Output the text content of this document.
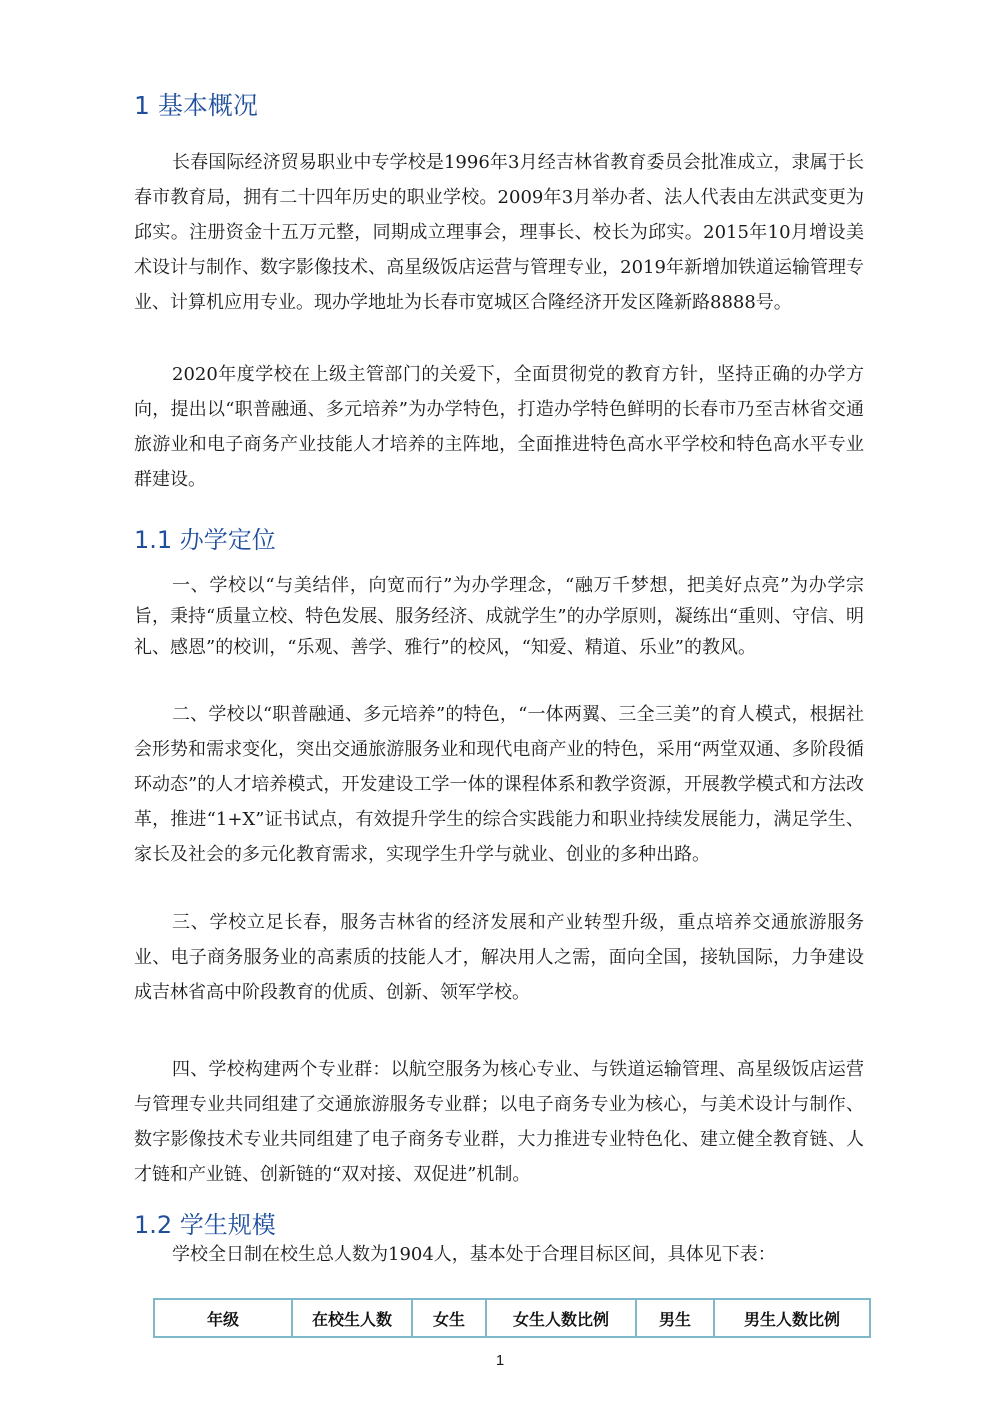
1 基本概况

长春国际经济贸易职业中专学校是1996年3月经吉林省教育委员会批准成立，隶属于长春市教育局，拥有二十四年历史的职业学校。2009年3月举办者、法人代表由左洪武变更为邱实。注册资金十五万元整，同期成立理事会，理事长、校长为邱实。2015年10月增设美术设计与制作、数字影像技术、高星级饭店运营与管理专业，2019年新增加铁道运输管理专业、计算机应用专业。现办学地址为长春市宽城区合隆经济开发区隆新路8888号。

2020年度学校在上级主管部门的关爱下，全面贯彻党的教育方针，坚持正确的办学方向，提出以“职普融通、多元培养”为办学特色，打造办学特色鲜明的长春市乃至吉林省交通旅游业和电子商务产业技能人才培养的主阵地，全面推进特色高水平学校和特色高水平专业群建设。

1.1 办学定位

一、学校以“与美结伴，向宽而行”为办学理念，“融万千梦想，把美好点亮”为办学宗旨，秉持“质量立校、特色发展、服务经济、成就学生”的办学原则，凝练出“重则、守信、明礼、感恩”的校训，“乐观、善学、雅行”的校风，“知爱、精道、乐业”的教风。

二、学校以“职普融通、多元培养”的特色，“一体两翼、三全三美”的育人模式，根据社会形势和需求变化，突出交通旅游服务业和现代电商产业的特色，采用“两堂双通、多阶段循环动态”的人才培养模式，开发建设工学一体的课程体系和教学资源，开展教学模式和方法改革，推进“1+X”证书试点，有效提升学生的综合实践能力和职业持续发展能力，满足学生、家长及社会的多元化教育需求，实现学生升学与就业、创业的多种出路。

三、学校立足长春，服务吉林省的经济发展和产业转型升级，重点培养交通旅游服务业、电子商务服务业的高素质的技能人才，解决用人之需，面向全国，接轨国际，力争建设成吉林省高中阶段教育的优质、创新、领军学校。

四、学校构建两个专业群：以航空服务为核心专业、与铁道运输管理、高星级饭店运营与管理专业共同组建了交通旅游服务专业群；以电子商务专业为核心，与美术设计与制作、数字影像技术专业共同组建了电子商务专业群，大力推进专业特色化、建立健全教育链、人才链和产业链、创新链的“双对接、双促进”机制。

1.2 学生规模

学校全日制在校生总人数为1904人，基本处于合理目标区间，具体见下表：

年级	在校生人数	女生	女生人数比例	男生	男生人数比例
1
